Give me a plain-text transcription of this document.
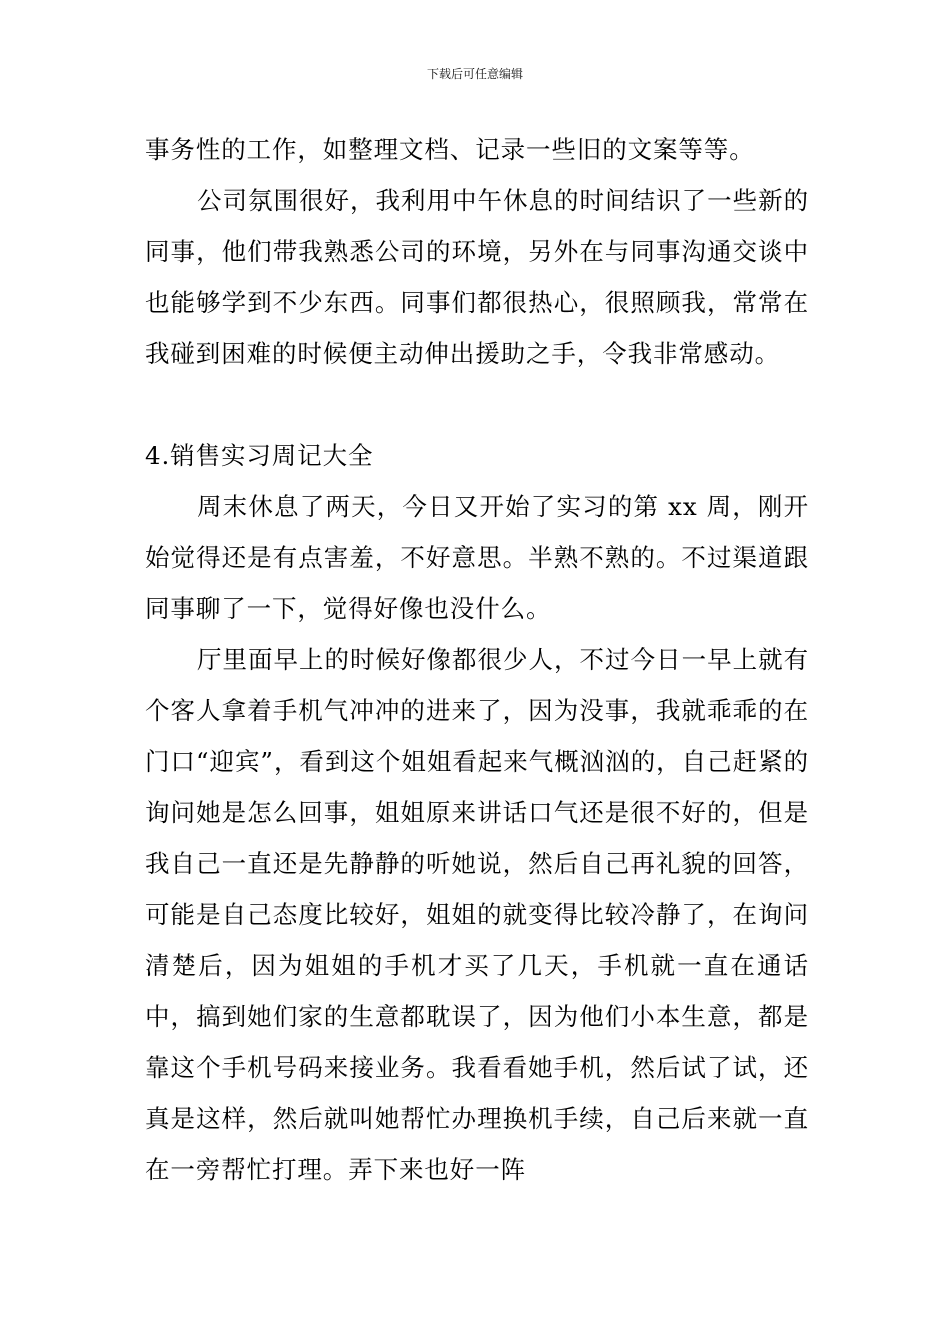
下载后可任意编辑

事务性的工作，如整理文档、记录一些旧的文案等等。

公司氛围很好，我利用中午休息的时间结识了一些新的同事，他们带我熟悉公司的环境，另外在与同事沟通交谈中也能够学到不少东西。同事们都很热心，很照顾我，常常在我碰到困难的时候便主动伸出援助之手，令我非常感动。

4.销售实习周记大全

周末休息了两天，今日又开始了实习的第 xx 周，刚开始觉得还是有点害羞，不好意思。半熟不熟的。不过渠道跟同事聊了一下，觉得好像也没什么。

厅里面早上的时候好像都很少人，不过今日一早上就有个客人拿着手机气冲冲的进来了，因为没事，我就乖乖的在门口“迎宾”，看到这个姐姐看起来气概汹汹的，自己赶紧的询问她是怎么回事，姐姐原来讲话口气还是很不好的，但是我自己一直还是先静静的听她说，然后自己再礼貌的回答，可能是自己态度比较好，姐姐的就变得比较冷静了，在询问清楚后，因为姐姐的手机才买了几天，手机就一直在通话中，搞到她们家的生意都耽误了，因为他们小本生意，都是靠这个手机号码来接业务。我看看她手机，然后试了试，还真是这样，然后就叫她帮忙办理换机手续，自己后来就一直在一旁帮忙打理。弄下来也好一阵
